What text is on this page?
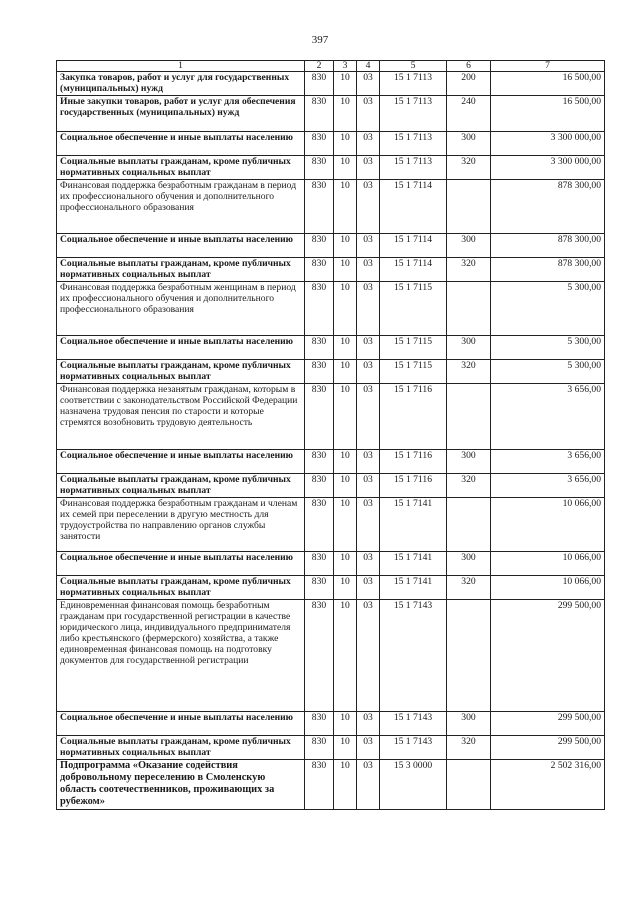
397
1	2	3	4	5	6	7
Закупка товаров, работ и услуг для государственных (муниципальных) нужд	830	10	03	15 1 7113	200	16 500,00
Иные закупки товаров, работ и услуг для обеспечения государственных (муниципальных) нужд	830	10	03	15 1 7113	240	16 500,00
Социальное обеспечение и иные выплаты населению	830	10	03	15 1 7113	300	3 300 000,00
Социальные выплаты гражданам, кроме публичных нормативных социальных выплат	830	10	03	15 1 7113	320	3 300 000,00
Финансовая поддержка безработным гражданам в период их профессионального обучения и дополнительного профессионального образования	830	10	03	15 1 7114		878 300,00
Социальное обеспечение и иные выплаты населению	830	10	03	15 1 7114	300	878 300,00
Социальные выплаты гражданам, кроме публичных нормативных социальных выплат	830	10	03	15 1 7114	320	878 300,00
Финансовая поддержка безработным женщинам в период их профессионального обучения и дополнительного профессионального образования	830	10	03	15 1 7115		5 300,00
Социальное обеспечение и иные выплаты населению	830	10	03	15 1 7115	300	5 300,00
Социальные выплаты гражданам, кроме публичных нормативных социальных выплат	830	10	03	15 1 7115	320	5 300,00
Финансовая поддержка незанятым гражданам, которым в соответствии с законодательством Российской Федерации назначена трудовая пенсия по старости и которые стремятся возобновить трудовую деятельность	830	10	03	15 1 7116		3 656,00
Социальное обеспечение и иные выплаты населению	830	10	03	15 1 7116	300	3 656,00
Социальные выплаты гражданам, кроме публичных нормативных социальных выплат	830	10	03	15 1 7116	320	3 656,00
Финансовая поддержка безработным гражданам и членам их семей при переселении в другую местность для трудоустройства по направлению органов службы занятости	830	10	03	15 1 7141		10 066,00
Социальное обеспечение и иные выплаты населению	830	10	03	15 1 7141	300	10 066,00
Социальные выплаты гражданам, кроме публичных нормативных социальных выплат	830	10	03	15 1 7141	320	10 066,00
Единовременная финансовая помощь безработным гражданам при государственной регистрации в качестве юридического лица, индивидуального предпринимателя либо крестьянского (фермерского) хозяйства, а также единовременная финансовая помощь на подготовку документов для государственной регистрации	830	10	03	15 1 7143		299 500,00
Социальное обеспечение и иные выплаты населению	830	10	03	15 1 7143	300	299 500,00
Социальные выплаты гражданам, кроме публичных нормативных социальных выплат	830	10	03	15 1 7143	320	299 500,00
Подпрограмма «Оказание содействия добровольному переселению в Смоленскую область соотечественников, проживающих за рубежом»	830	10	03	15 3 0000		2 502 316,00
